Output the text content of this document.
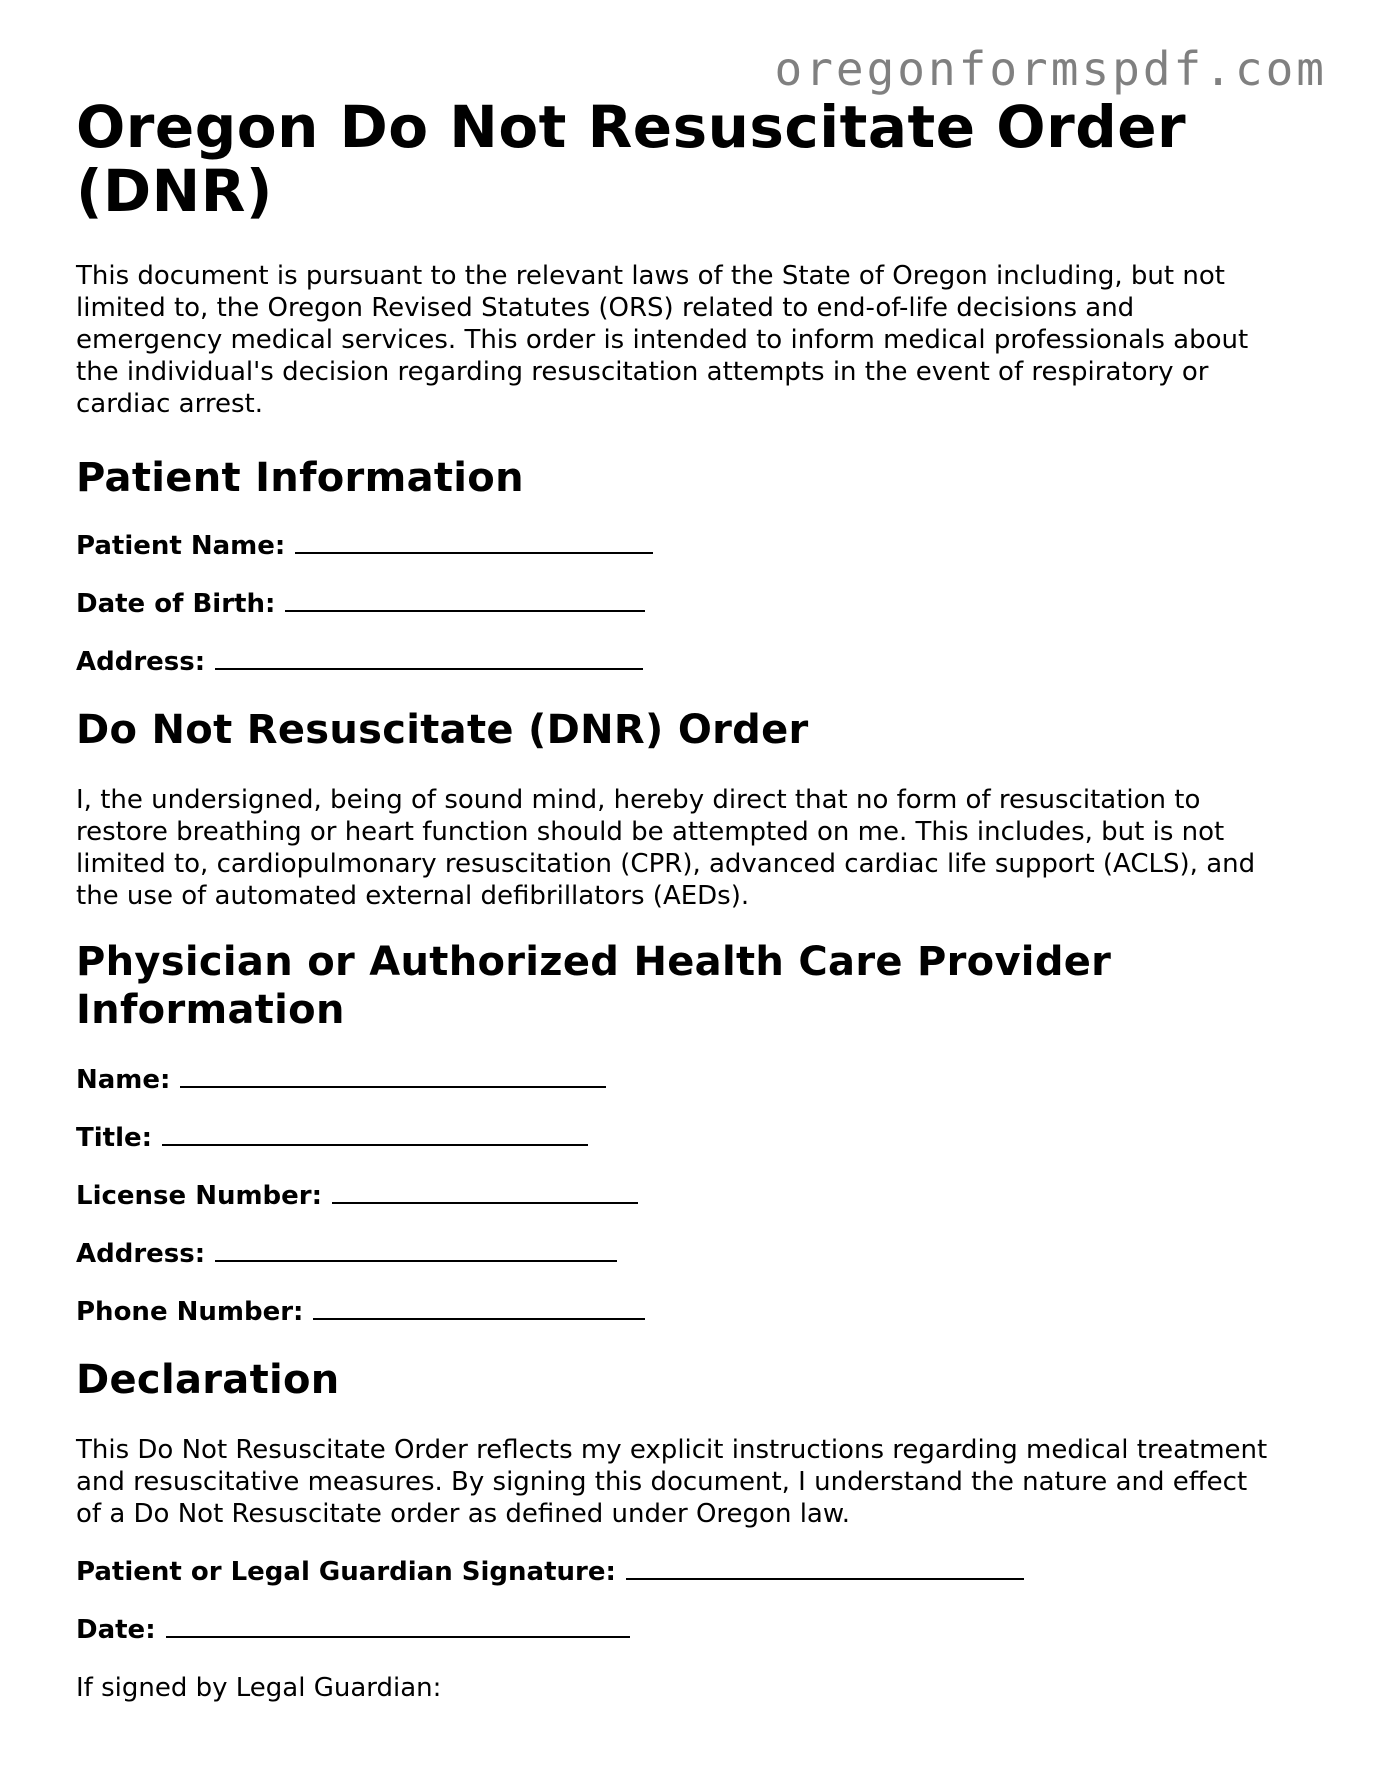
oregonformspdf.com
Oregon Do Not Resuscitate Order (DNR)

This document is pursuant to the relevant laws of the State of Oregon including, but not limited to, the Oregon Revised Statutes (ORS) related to end-of-life decisions and emergency medical services. This order is intended to inform medical professionals about the individual's decision regarding resuscitation attempts in the event of respiratory or cardiac arrest.

Patient Information
Patient Name:
Date of Birth:
Address:
Do Not Resuscitate (DNR) Order

I, the undersigned, being of sound mind, hereby direct that no form of resuscitation to restore breathing or heart function should be attempted on me. This includes, but is not limited to, cardiopulmonary resuscitation (CPR), advanced cardiac life support (ACLS), and the use of automated external defibrillators (AEDs).

Physician or Authorized Health Care Provider
Information
Name:
Title:
License Number:
Address:
Phone Number:
Declaration

This Do Not Resuscitate Order reflects my explicit instructions regarding medical treatment and resuscitative measures. By signing this document, I understand the nature and effect of a Do Not Resuscitate order as defined under Oregon law.

Patient or Legal Guardian Signature:
Date:

If signed by Legal Guardian:
